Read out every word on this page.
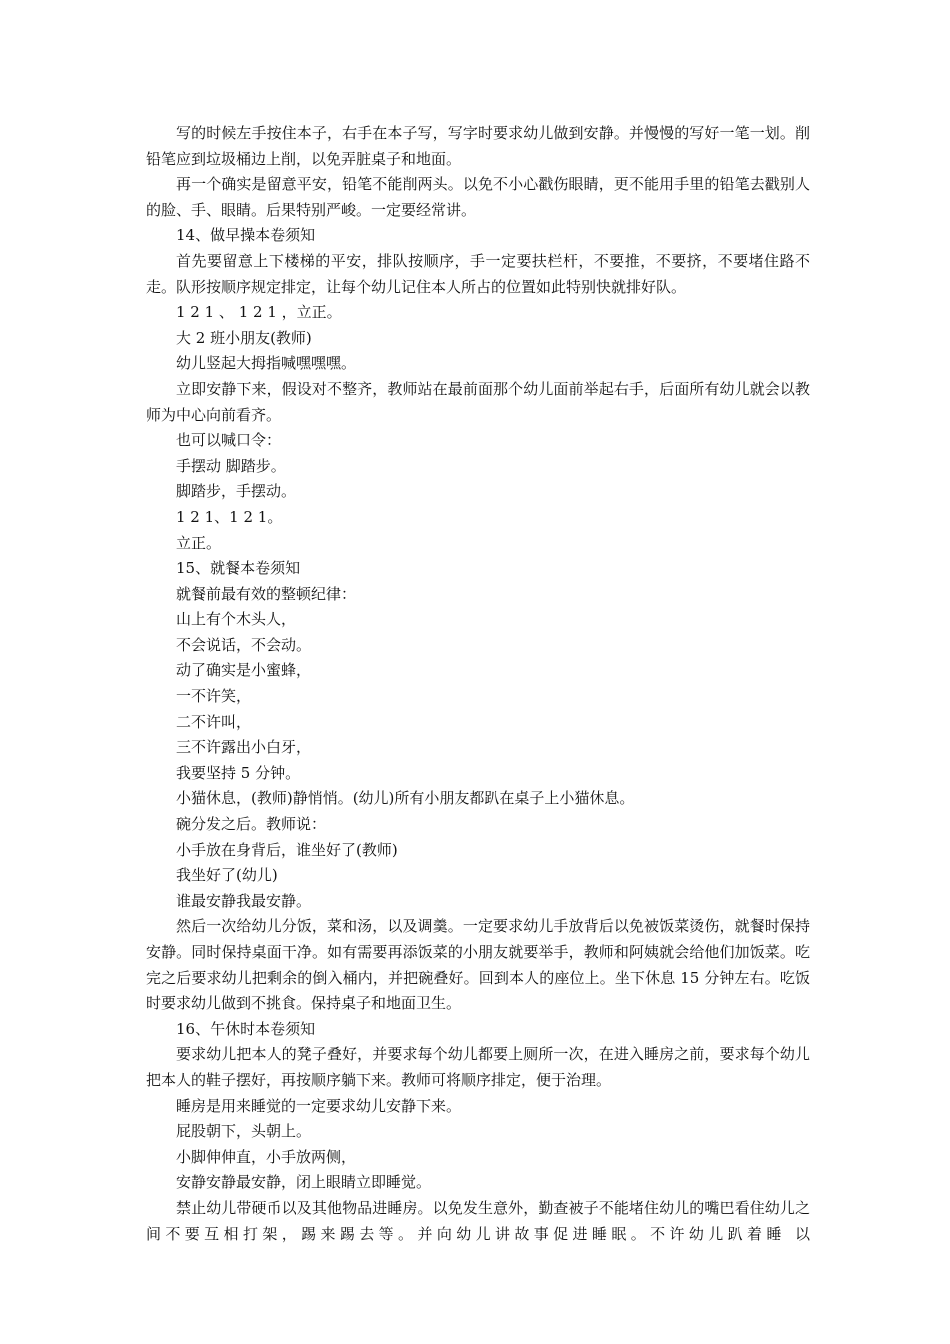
写的时候左手按住本子，右手在本子写，写字时要求幼儿做到安静。并慢慢的写好一笔一划。削铅笔应到垃圾桶边上削，以免弄脏桌子和地面。

再一个确实是留意平安，铅笔不能削两头。以免不小心戳伤眼睛，更不能用手里的铅笔去戳别人的脸、手、眼睛。后果特别严峻。一定要经常讲。

14、做早操本卷须知

首先要留意上下楼梯的平安，排队按顺序，手一定要扶栏杆，不要推，不要挤，不要堵住路不走。队形按顺序规定排定，让每个幼儿记住本人所占的位置如此特别快就排好队。

1 2 1 、 1 2 1 ，立正。

大 2 班小朋友(教师)

幼儿竖起大拇指喊嘿嘿嘿。

立即安静下来，假设对不整齐，教师站在最前面那个幼儿面前举起右手，后面所有幼儿就会以教师为中心向前看齐。

也可以喊口令：

手摆动 脚踏步。

脚踏步，手摆动。

1 2 1、1 2 1。

立正。

15、就餐本卷须知

就餐前最有效的整顿纪律：

山上有个木头人，

不会说话，不会动。

动了确实是小蜜蜂，

一不许笑，

二不许叫，

三不许露出小白牙，

我要坚持 5 分钟。

小猫休息，(教师)静悄悄。(幼儿)所有小朋友都趴在桌子上小猫休息。

碗分发之后。教师说：

小手放在身背后，谁坐好了(教师)

我坐好了(幼儿)

谁最安静我最安静。

然后一次给幼儿分饭，菜和汤，以及调羹。一定要求幼儿手放背后以免被饭菜烫伤，就餐时保持安静。同时保持桌面干净。如有需要再添饭菜的小朋友就要举手，教师和阿姨就会给他们加饭菜。吃完之后要求幼儿把剩余的倒入桶内，并把碗叠好。回到本人的座位上。坐下休息 15 分钟左右。吃饭时要求幼儿做到不挑食。保持桌子和地面卫生。

16、午休时本卷须知

要求幼儿把本人的凳子叠好，并要求每个幼儿都要上厕所一次，在进入睡房之前，要求每个幼儿把本人的鞋子摆好，再按顺序躺下来。教师可将顺序排定，便于治理。

睡房是用来睡觉的一定要求幼儿安静下来。

屁股朝下，头朝上。

小脚伸伸直，小手放两侧，

安静安静最安静，闭上眼睛立即睡觉。

禁止幼儿带硬币以及其他物品进睡房。以免发生意外，勤查被子不能堵住幼儿的嘴巴看住幼儿之间不要互相打架，踢来踢去等。并向幼儿讲故事促进睡眠。不许幼儿趴着睡 以
